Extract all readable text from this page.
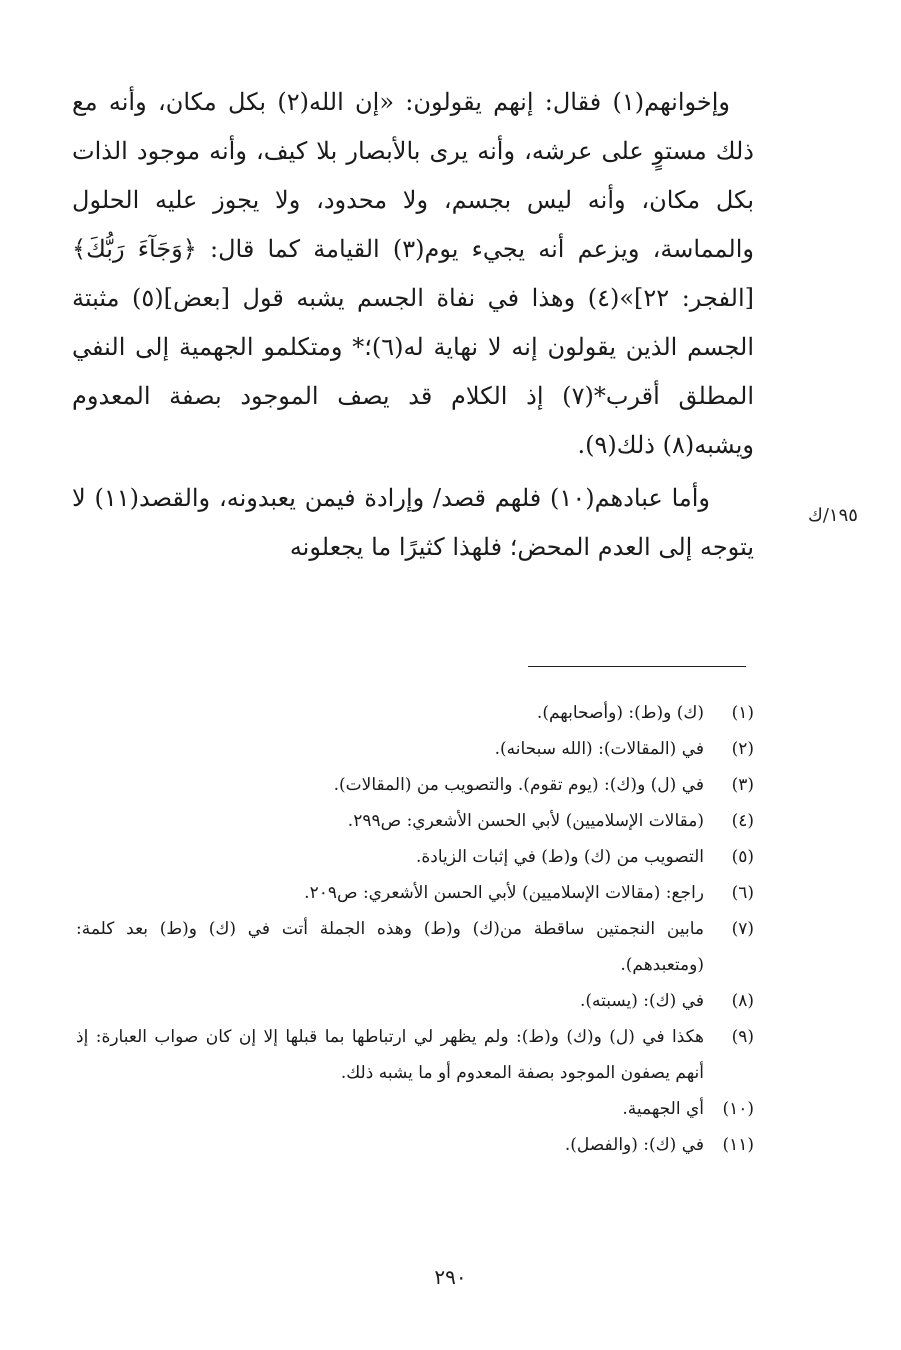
وإخوانهم(١) فقال: إنهم يقولون: «إن الله(٢) بكل مكان، وأنه مع ذلك مستوٍ على عرشه، وأنه يرى بالأبصار بلا كيف، وأنه موجود الذات بكل مكان، وأنه ليس بجسم، ولا محدود، ولا يجوز عليه الحلول والمماسة، ويزعم أنه يجيء يوم(٣) القيامة كما قال: ﴿وَجَآءَ رَبُّكَ﴾ [الفجر: ٢٢]»(٤) وهذا في نفاة الجسم يشبه قول [بعض](٥) مثبتة الجسم الذين يقولون إنه لا نهاية له(٦)؛* ومتكلمو الجهمية إلى النفي المطلق أقرب*(٧) إذ الكلام قد يصف الموجود بصفة المعدوم ويشبه(٨) ذلك(٩).

وأما عبادهم(١٠) فلهم قصد/ وإرادة فيمن يعبدونه، والقصد(١١) لا يتوجه إلى العدم المحض؛ فلهذا كثيرًا ما يجعلونه

١٩٥/ك
(١)
(ك) و(ط): (وأصحابهم).
(٢)
في (المقالات): (الله سبحانه).
(٣)
في (ل) و(ك): (يوم تقوم). والتصويب من (المقالات).
(٤)
(مقالات الإسلاميين) لأبي الحسن الأشعري: ص٢٩٩.
(٥)
التصويب من (ك) و(ط) في إثبات الزيادة.
(٦)
راجع: (مقالات الإسلاميين) لأبي الحسن الأشعري: ص٢٠٩.
(٧)
مابين النجمتين ساقطة من(ك) و(ط) وهذه الجملة أتت في (ك) و(ط) بعد كلمة: (ومتعبدهم).
(٨)
في (ك): (يسبته).
(٩)
هكذا في (ل) و(ك) و(ط): ولم يظهر لي ارتباطها بما قبلها إلا إن كان صواب العبارة: إذ أنهم يصفون الموجود بصفة المعدوم أو ما يشبه ذلك.
(١٠)
أي الجهمية.
(١١)
في (ك): (والفصل).
٢٩٠
